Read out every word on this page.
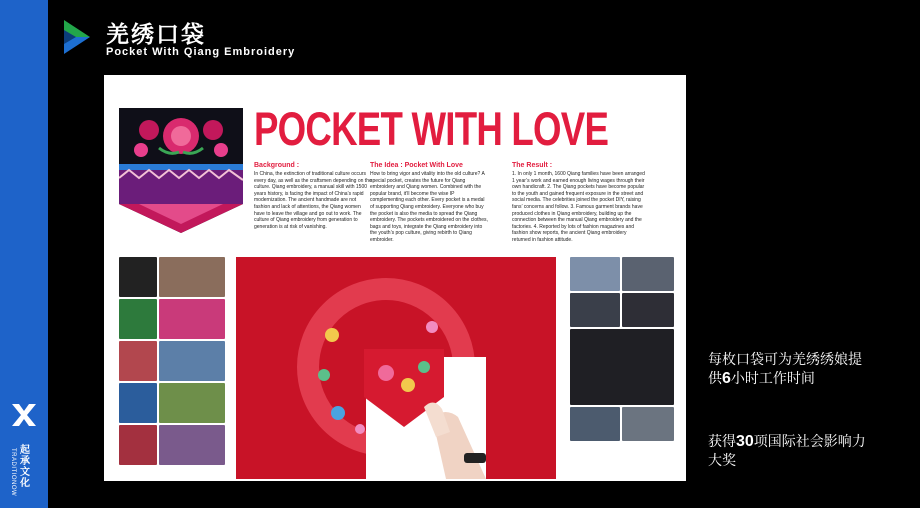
起承文化
TRADITIONOW
羌绣口袋
Pocket With Qiang Embroidery
POCKET WITH LOVE
Background :

In China, the extinction of traditional culture occurs every day, as well as the craftsmen depending on the culture. Qiang embroidery, a manual skill with 1500 years history, is facing the impact of China’s rapid modernization. The ancient handmade are not fashion and lack of attentions, the Qiang women have to leave the village and go out to work. The culture of Qiang embroidery from generation to generation is at risk of vanishing.

The Idea : Pocket With Love

How to bring vigor and vitality into the old culture? A special pocket, creates the future for Qiang embroidery and Qiang women. Combined with the popular brand, it’ll become the wise IP complementing each other. Every pocket is a medal of supporting Qiang embroidery. Everyone who buy the pocket is also the media to spread the Qiang embroidery. The pockets embroidered on the clothes, bags and toys, integrate the Qiang embroidery into the youth’s pop culture, giving rebirth to Qiang embroider.

The Result :

1. In only 1 month, 1600 Qiang families have been arranged 1 year’s work and earned enough living wages through their own handicraft. 2. The Qiang pockets have become popular to the youth and gained frequent exposure in the street and social media. The celebrities joined the pocket DIY, raising fans’ concerns and follow. 3. Famous garment brands have produced clothes in Qiang embroidery, building up the connection between the manual Qiang embroidery and the factories. 4. Reported by lots of fashion magazines and fashion show reports, the ancient Qiang embroidery returned in fashion attitude.

每枚口袋可为羌绣绣娘提供6小时工作时间
获得30项国际社会影响力大奖
